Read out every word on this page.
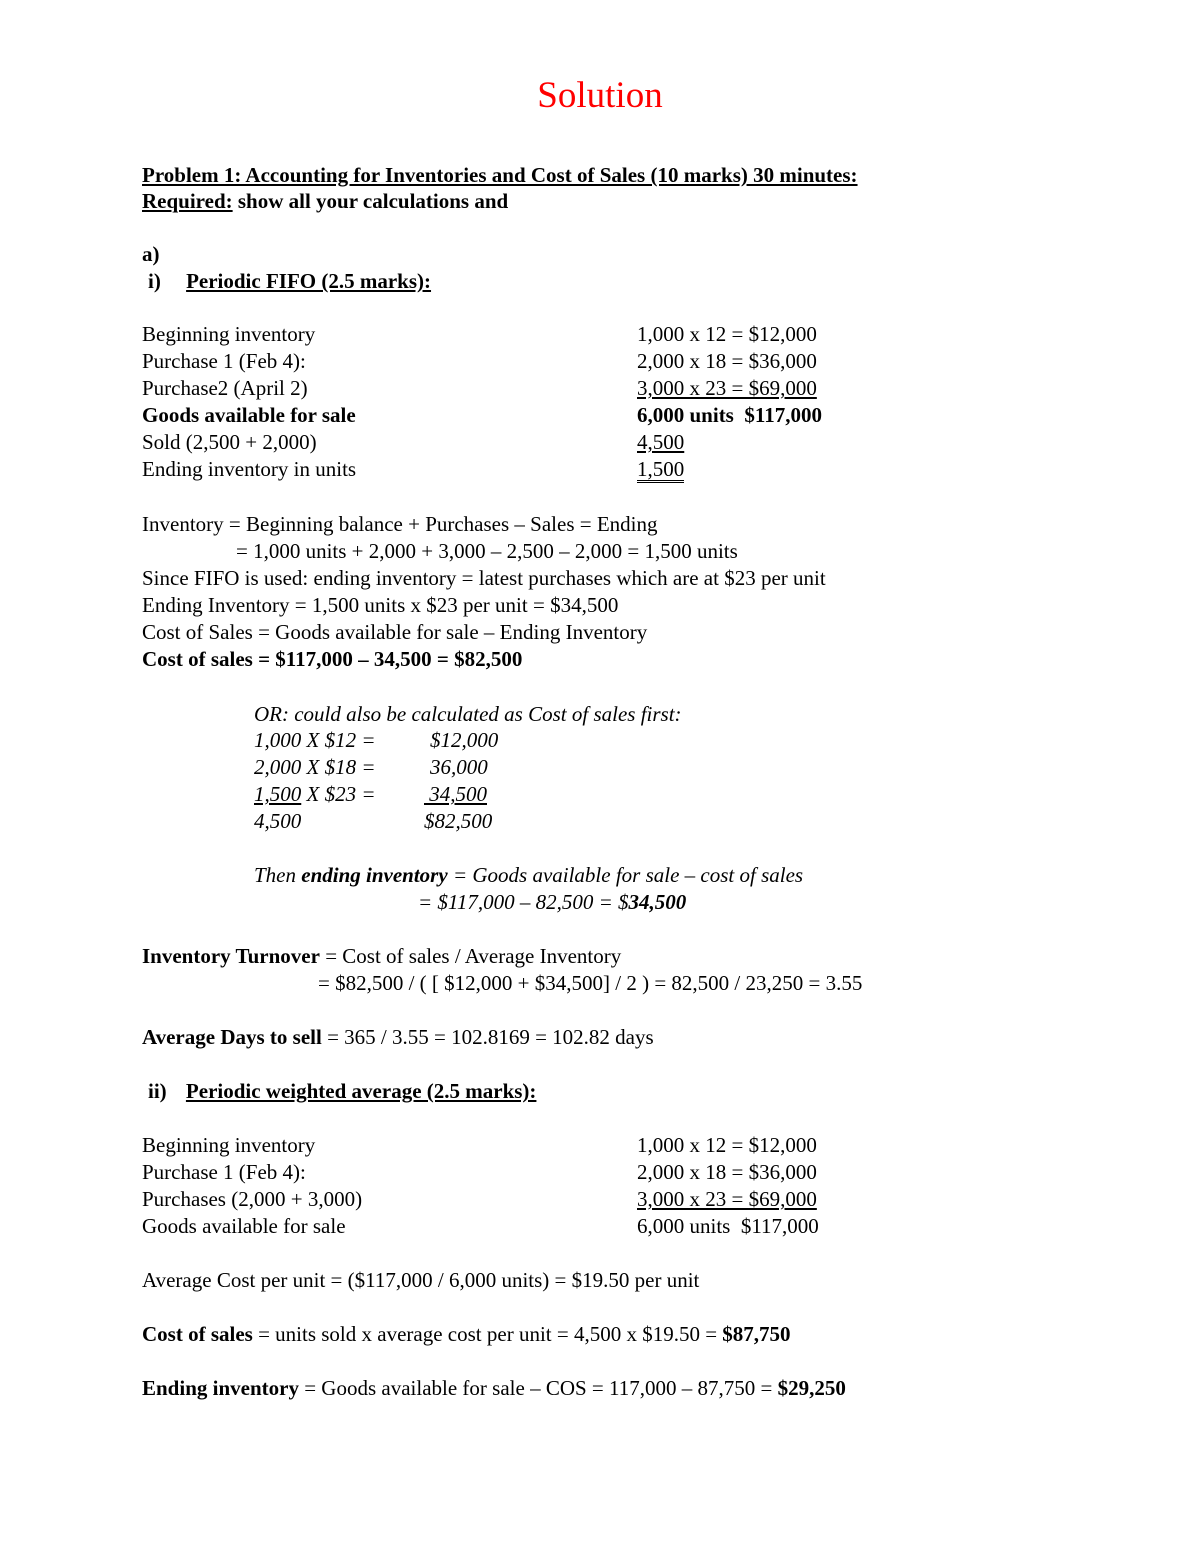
Solution
Problem 1: Accounting for Inventories and Cost of Sales (10 marks) 30 minutes:
Required: show all your calculations and
a)
i) Periodic FIFO (2.5 marks):
Beginning inventory	1,000 x 12 = $12,000
Purchase 1 (Feb 4):	2,000 x 18 = $36,000
Purchase2 (April 2)	3,000 x 23 = $69,000
Goods available for sale	6,000 units  $117,000
Sold (2,500 + 2,000)	4,500
Ending inventory in units	1,500
Inventory = Beginning balance + Purchases – Sales = Ending
= 1,000 units + 2,000 + 3,000 – 2,500 – 2,000 = 1,500 units
Since FIFO is used: ending inventory = latest purchases which are at $23 per unit
Ending Inventory = 1,500 units x $23 per unit = $34,500
Cost of Sales = Goods available for sale – Ending Inventory
Cost of sales = $117,000 – 34,500 = $82,500
OR: could also be calculated as Cost of sales first:
1,000 X $12 =	$12,000
2,000 X $18 =	36,000
1,500 X $23 = 34,500
4,500	$82,500
Then ending inventory = Goods available for sale – cost of sales
= $117,000 – 82,500 = $34,500
Inventory Turnover = Cost of sales / Average Inventory
= $82,500 / ( [ $12,000 + $34,500] / 2 ) = 82,500 / 23,250 = 3.55
Average Days to sell = 365 / 3.55 = 102.8169 = 102.82 days
ii) Periodic weighted average (2.5 marks):
Beginning inventory	1,000 x 12 = $12,000
Purchase 1 (Feb 4):	2,000 x 18 = $36,000
Purchases (2,000 + 3,000)	3,000 x 23 = $69,000
Goods available for sale	6,000 units  $117,000
Average Cost per unit = ($117,000 / 6,000 units) = $19.50 per unit
Cost of sales = units sold x average cost per unit = 4,500 x $19.50 = $87,750
Ending inventory = Goods available for sale – COS = 117,000 – 87,750 = $29,250
